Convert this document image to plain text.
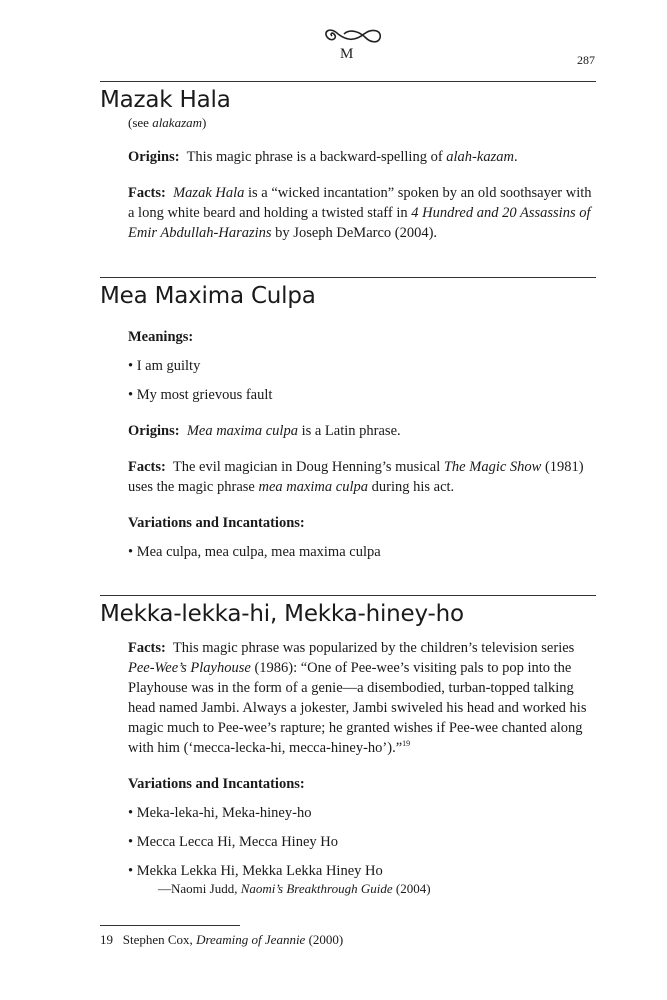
M	287
Mazak Hala

(see alakazam)

Origins: This magic phrase is a backward-spelling of alah-kazam.

Facts: Mazak Hala is a “wicked incantation” spoken by an old soothsayer with a long white beard and holding a twisted staff in 4 Hundred and 20 Assassins of Emir Abdullah-Harazins by Joseph DeMarco (2004).

Mea Maxima Culpa

Meanings:

• I am guilty

• My most grievous fault

Origins: Mea maxima culpa is a Latin phrase.

Facts: The evil magician in Doug Henning’s musical The Magic Show (1981) uses the magic phrase mea maxima culpa during his act.

Variations and Incantations:

• Mea culpa, mea culpa, mea maxima culpa

Mekka-lekka-hi, Mekka-hiney-ho

Facts: This magic phrase was popularized by the children’s television series Pee-Wee’s Playhouse (1986): “One of Pee-wee’s visiting pals to pop into the Playhouse was in the form of a genie—a disembodied, turban-topped talking head named Jambi. Always a jokester, Jambi swiveled his head and worked his magic much to Pee-wee’s rapture; he granted wishes if Pee-wee chanted along with him (‘mecca-lecka-hi, mecca-hiney-ho’).”$^{19}$

Variations and Incantations:

• Meka-leka-hi, Meka-hiney-ho

• Mecca Lecca Hi, Mecca Hiney Ho

• Mekka Lekka Hi, Mekka Lekka Hiney Ho

—Naomi Judd, Naomi’s Breakthrough Guide (2004)

19 Stephen Cox, Dreaming of Jeannie (2000)
